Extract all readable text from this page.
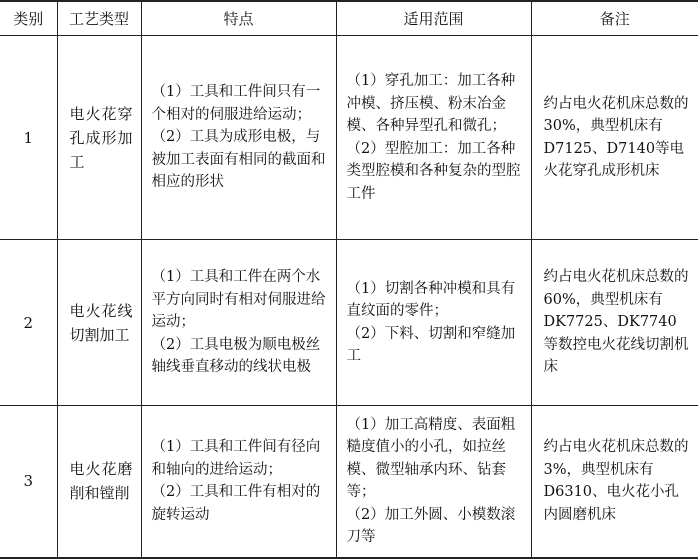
类别	工艺类型	特点	适用范围	备注
1	电火花穿孔成形加工	（1）工具和工件间只有一个相对的伺服进给运动；
（2）工具为成形电极，与被加工表面有相同的截面和相应的形状	（1）穿孔加工：加工各种冲模、挤压模、粉末冶金模、各种异型孔和微孔；
（2）型腔加工：加工各种类型腔模和各种复杂的型腔工件	约占电火花机床总数的30%，典型机床有D7125、D7140等电火花穿孔成形机床
2	电火花线切割加工	（1）工具和工件在两个水平方向同时有相对伺服进给运动；
（2）工具电极为顺电极丝轴线垂直移动的线状电极	（1）切割各种冲模和具有直纹面的零件；
（2）下料、切割和窄缝加工	约占电火花机床总数的60%，典型机床有DK7725、DK7740等数控电火花线切割机床
3	电火花磨削和镗削	（1）工具和工件间有径向和轴向的进给运动；
（2）工具和工件有相对的旋转运动	（1）加工高精度、表面粗糙度值小的小孔，如拉丝模、微型轴承内环、钻套等；
（2）加工外圆、小模数滚刀等	约占电火花机床总数的3%，典型机床有D6310、电火花小孔内圆磨机床
